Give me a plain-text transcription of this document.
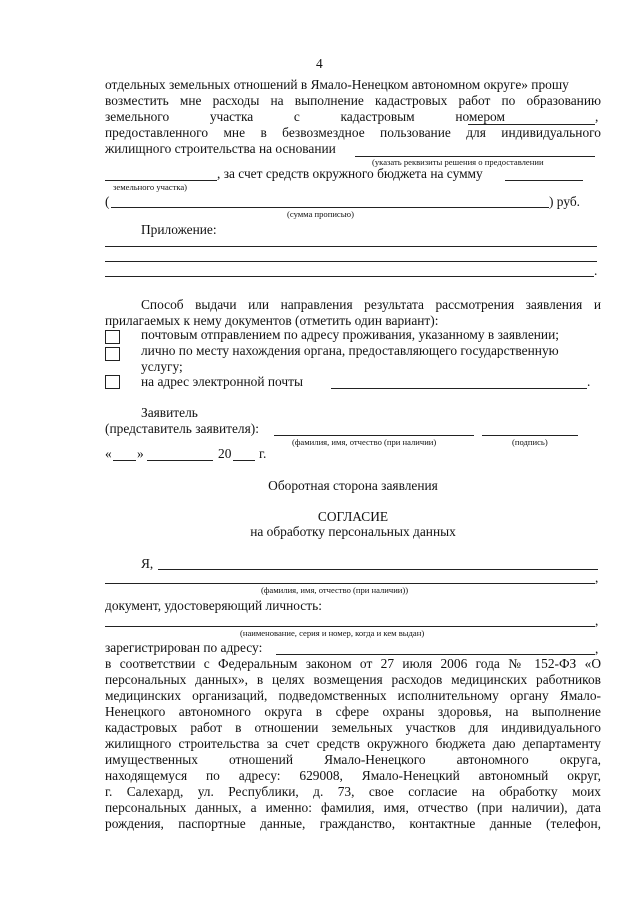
4
отдельных земельных отношений в Ямало-Ненецком автономном округе» прошу
возместить мне расходы на выполнение кадастровых работ по образованию
земельного	участка	с	кадастровым	номером	,
предоставленного мне в безвозмездное пользование для индивидуального
жилищного строительства на основании
(указать реквизиты решения о предоставлении
, за счет средств окружного бюджета на сумму
земельного участка)
(	) руб.
(сумма прописью)
Приложение:
.
Способ выдачи или направления результата рассмотрения заявления и
прилагаемых к нему документов (отметить один вариант):
почтовым отправлением по адресу проживания, указанному в заявлении;
лично по месту нахождения органа, предоставляющего государственную
услугу;
на адрес электронной почты	.
Заявитель
(представитель заявителя):
(фамилия, имя, отчество (при наличии)	(подпись)
« »	20 г.
Оборотная сторона заявления
СОГЛАСИЕ
на обработку персональных данных
Я,
,
(фамилия, имя, отчество (при наличии))
документ, удостоверяющий личность:
,
(наименование, серия и номер, когда и кем выдан)
зарегистрирован по адресу:	,
в соответствии с Федеральным законом от 27 июля 2006 года № 152-ФЗ «О
персональных данных», в целях возмещения расходов медицинских работников
медицинских организаций, подведомственных исполнительному органу Ямало-
Ненецкого автономного округа в сфере охраны здоровья, на выполнение
кадастровых работ в отношении земельных участков для индивидуального
жилищного строительства за счет средств окружного бюджета даю департаменту
имущественных отношений Ямало-Ненецкого автономного округа,
находящемуся по адресу: 629008, Ямало-Ненецкий автономный округ,
г. Салехард, ул. Республики, д. 73, свое согласие на обработку моих
персональных данных, а именно: фамилия, имя, отчество (при наличии), дата
рождения, паспортные данные, гражданство, контактные данные (телефон,
